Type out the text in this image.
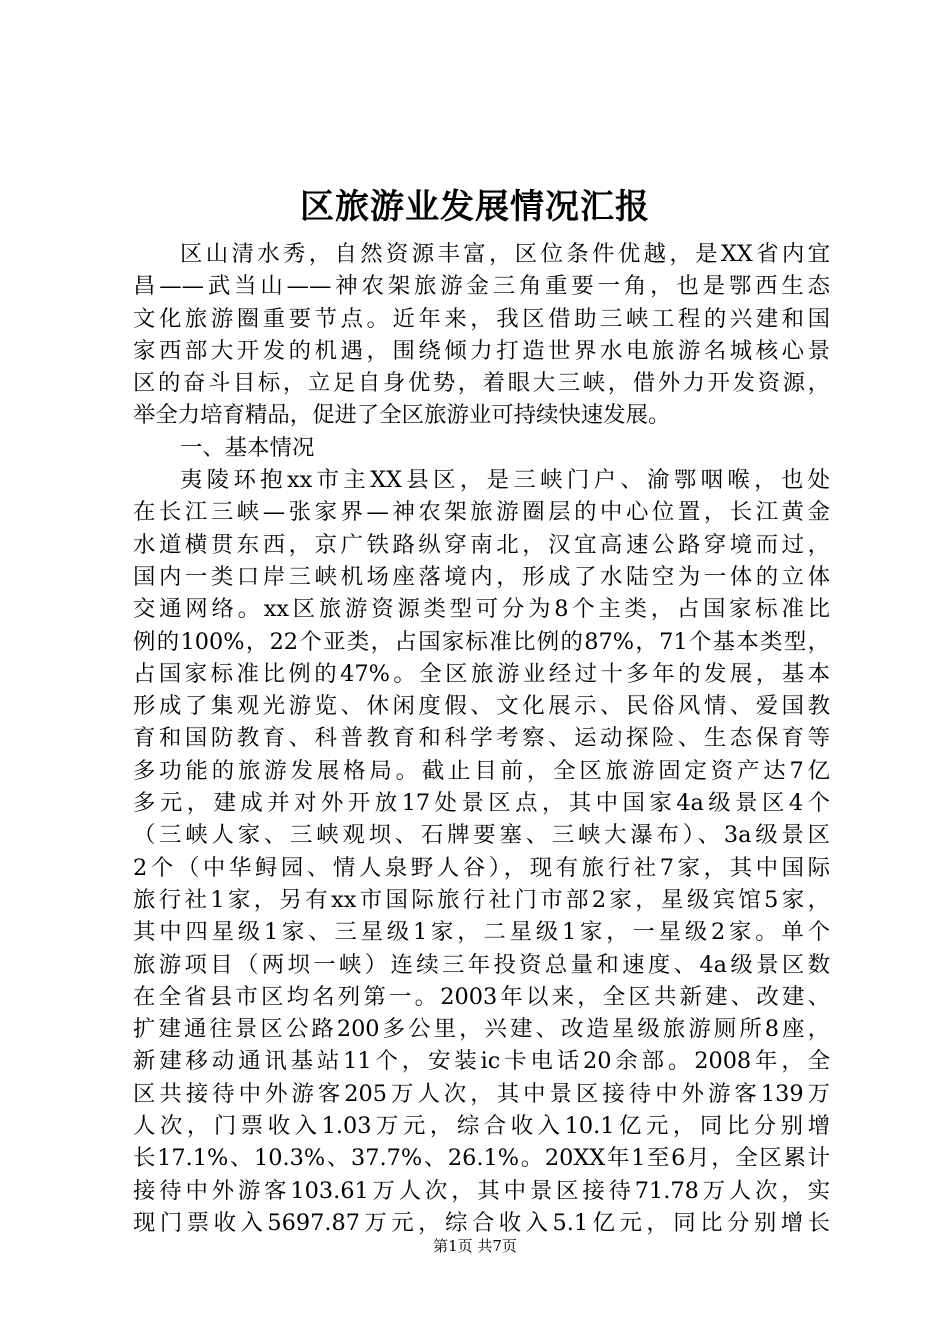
区旅游业发展情况汇报
区山清水秀，自然资源丰富，区位条件优越，是XX省内宜
昌——武当山——神农架旅游金三角重要一角，也是鄂西生态
文化旅游圈重要节点。近年来，我区借助三峡工程的兴建和国
家西部大开发的机遇，围绕倾力打造世界水电旅游名城核心景
区的奋斗目标，立足自身优势，着眼大三峡，借外力开发资源，
举全力培育精品，促进了全区旅游业可持续快速发展。
一、基本情况
夷陵环抱xx市主XX县区，是三峡门户、渝鄂咽喉，也处
在长江三峡—张家界—神农架旅游圈层的中心位置，长江黄金
水道横贯东西，京广铁路纵穿南北，汉宜高速公路穿境而过，
国内一类口岸三峡机场座落境内，形成了水陆空为一体的立体
交通网络。xx区旅游资源类型可分为8个主类，占国家标准比
例的100%，22个亚类，占国家标准比例的87%，71个基本类型，
占国家标准比例的47%。全区旅游业经过十多年的发展，基本
形成了集观光游览、休闲度假、文化展示、民俗风情、爱国教
育和国防教育、科普教育和科学考察、运动探险、生态保育等
多功能的旅游发展格局。截止目前，全区旅游固定资产达7亿
多元，建成并对外开放17处景区点，其中国家4a级景区4个
（三峡人家、三峡观坝、石牌要塞、三峡大瀑布）、3a级景区
2个（中华鲟园、情人泉野人谷），现有旅行社7家，其中国际
旅行社1家，另有xx市国际旅行社门市部2家，星级宾馆5家，
其中四星级1家、三星级1家，二星级1家，一星级2家。单个
旅游项目（两坝一峡）连续三年投资总量和速度、4a级景区数
在全省县市区均名列第一。2003年以来，全区共新建、改建、
扩建通往景区公路200多公里，兴建、改造星级旅游厕所8座，
新建移动通讯基站11个，安装ic卡电话20余部。2008年，全
区共接待中外游客205万人次，其中景区接待中外游客139万
人次，门票收入1.03万元，综合收入10.1亿元，同比分别增
长17.1%、10.3%、37.7%、26.1%。20XX年1至6月，全区累计
接待中外游客103.61万人次，其中景区接待71.78万人次，实
现门票收入5697.87万元，综合收入5.1亿元，同比分别增长
第1页 共7页
